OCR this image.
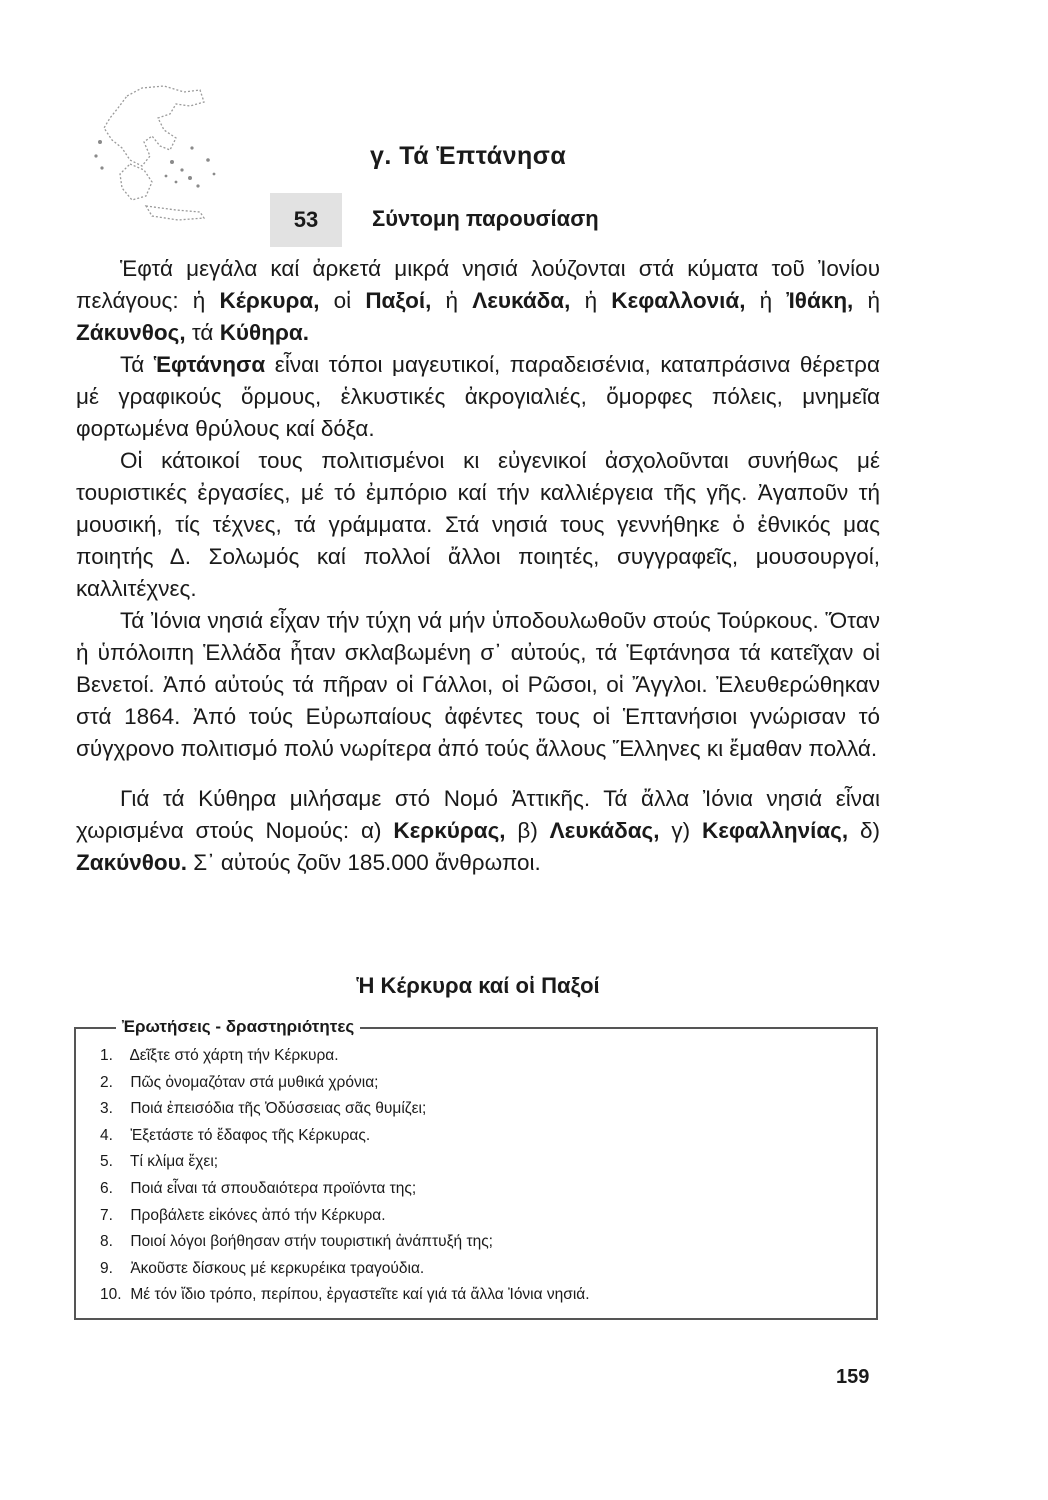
γ. Τά Ἑπτάνησα
53	Σύντομη παρουσίαση

Ἑφτά μεγάλα καί ἀρκετά μικρά νησιά λούζονται στά κύματα τοῦ Ἰονίου πελάγους: ἡ Κέρκυρα, οἱ Παξοί, ἡ Λευκάδα, ἡ Κεφαλλονιά, ἡ Ἰθάκη, ἡ Ζάκυνθος, τά Κύθηρα.

Τά Ἑφτάνησα εἶναι τόποι μαγευτικοί, παραδεισένια, καταπράσινα θέρετρα μέ γραφικούς ὅρμους, ἑλκυστικές ἀκρογιαλιές, ὄμορφες πόλεις, μνημεῖα φορτωμένα θρύλους καί δόξα.

Οἱ κάτοικοί τους πολιτισμένοι κι εὐγενικοί ἀσχολοῦνται συνήθως μέ τουριστικές ἐργασίες, μέ τό ἐμπόριο καί τήν καλλιέργεια τῆς γῆς. Ἀγαποῦν τή μουσική, τίς τέχνες, τά γράμματα. Στά νησιά τους γεννήθηκε ὁ ἐθνικός μας ποιητής Δ. Σολωμός καί πολλοί ἄλλοι ποιητές, συγγραφεῖς, μουσουργοί, καλλιτέχνες.

Τά Ἰόνια νησιά εἶχαν τήν τύχη νά μήν ὑποδουλωθοῦν στούς Τούρκους. Ὅταν ἡ ὑπόλοιπη Ἑλλάδα ἦταν σκλαβωμένη σ᾽ αὐτούς, τά Ἑφτάνησα τά κατεῖχαν οἱ Βενετοί. Ἀπό αὐτούς τά πῆραν οἱ Γάλλοι, οἱ Ρῶσοι, οἱ Ἄγγλοι. Ἐλευθερώθηκαν στά 1864. Ἀπό τούς Εὐρωπαίους ἀφέντες τους οἱ Ἑπτανήσιοι γνώρισαν τό σύγχρονο πολιτισμό πολύ νωρίτερα ἀπό τούς ἄλλους Ἕλληνες κι ἔμαθαν πολλά.

Γιά τά Κύθηρα μιλήσαμε στό Νομό Ἀττικῆς. Τά ἄλλα Ἰόνια νησιά εἶναι χωρισμένα στούς Νομούς: α) Κερκύρας, β) Λευκάδας, γ) Κεφαλληνίας, δ) Ζακύνθου. Σ᾽ αὐτούς ζοῦν 185.000 ἄνθρωποι.

Ἡ Κέρκυρα καί οἱ Παξοί
Ἐρωτήσεις - δραστηριότητες
1. Δεῖξτε στό χάρτη τήν Κέρκυρα.
2. Πῶς ὀνομαζόταν στά μυθικά χρόνια;
3. Ποιά ἐπεισόδια τῆς Ὀδύσσειας σᾶς θυμίζει;
4. Ἐξετάστε τό ἔδαφος τῆς Κέρκυρας.
5. Τί κλίμα ἔχει;
6. Ποιά εἶναι τά σπουδαιότερα προϊόντα της;
7. Προβάλετε εἰκόνες ἀπό τήν Κέρκυρα.
8. Ποιοί λόγοι βοήθησαν στήν τουριστική ἀνάπτυξή της;
9. Ἀκοῦστε δίσκους μέ κερκυρέικα τραγούδια.
10. Μέ τόν ἴδιο τρόπο, περίπου, ἐργαστεῖτε καί γιά τά ἄλλα Ἰόνια νησιά.
159
